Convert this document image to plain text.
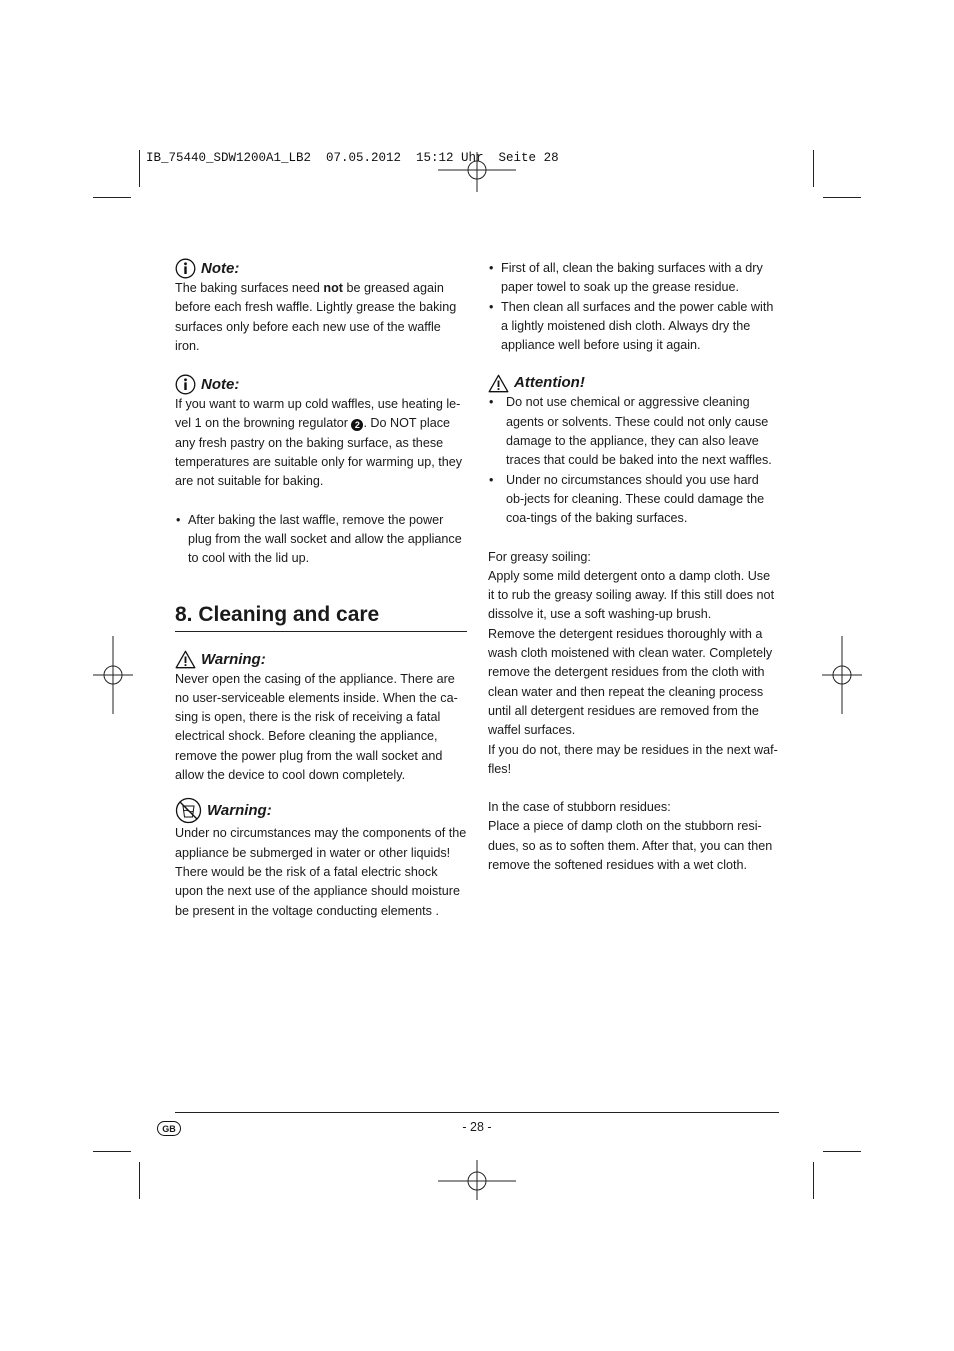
IB_75440_SDW1200A1_LB2  07.05.2012  15:12 Uhr  Seite 28
Note:

The baking surfaces need not be greased again before each fresh waffle. Lightly grease the baking surfaces only before each new use of the waffle iron.

Note:

If you want to warm up cold waffles, use heating le-vel 1 on the browning regulator 2 . Do NOT place any fresh pastry on the baking surface, as these temperatures are suitable only for warming up, they are not suitable for baking.

• After baking the last waffle, remove the power plug from the wall socket and allow the appliance to cool with the lid up.
8. Cleaning and care
Warning:

Never open the casing of the appliance. There are no user-serviceable elements inside. When the ca-sing is open, there is the risk of receiving a fatal electrical shock. Before cleaning the appliance, remove the power plug from the wall socket and allow the device to cool down completely.

Warning:

Under no circumstances may the components of the appliance be submerged in water or other liquids! There would be the risk of a fatal electric shock upon the next use of the appliance should moisture be present in the voltage conducting elements .

• First of all, clean the baking surfaces with a dry paper towel to soak up the grease residue.
• Then clean all surfaces and the power cable with a lightly moistened dish cloth. Always dry the appliance well before using it again.
Attention!
• Do not use chemical or aggressive cleaning agents or solvents. These could not only cause damage to the appliance, they can also leave traces that could be baked into the next waffles.
• Under no circumstances should you use hard ob-jects for cleaning. These could damage the coa-tings of the baking surfaces.

For greasy soiling:

Apply some mild detergent onto a damp cloth. Use it to rub the greasy soiling away. If this still does not dissolve it, use a soft washing-up brush.

Remove the detergent residues thoroughly with a wash cloth moistened with clean water. Completely remove the detergent residues from the cloth with clean water and then repeat the cleaning process until all detergent residues are removed from the waffel surfaces.

If you do not, there may be residues in the next waf-fles!

In the case of stubborn residues:

Place a piece of damp cloth on the stubborn resi-dues, so as to soften them. After that, you can then remove the softened residues with a wet cloth.

GB	- 28 -
